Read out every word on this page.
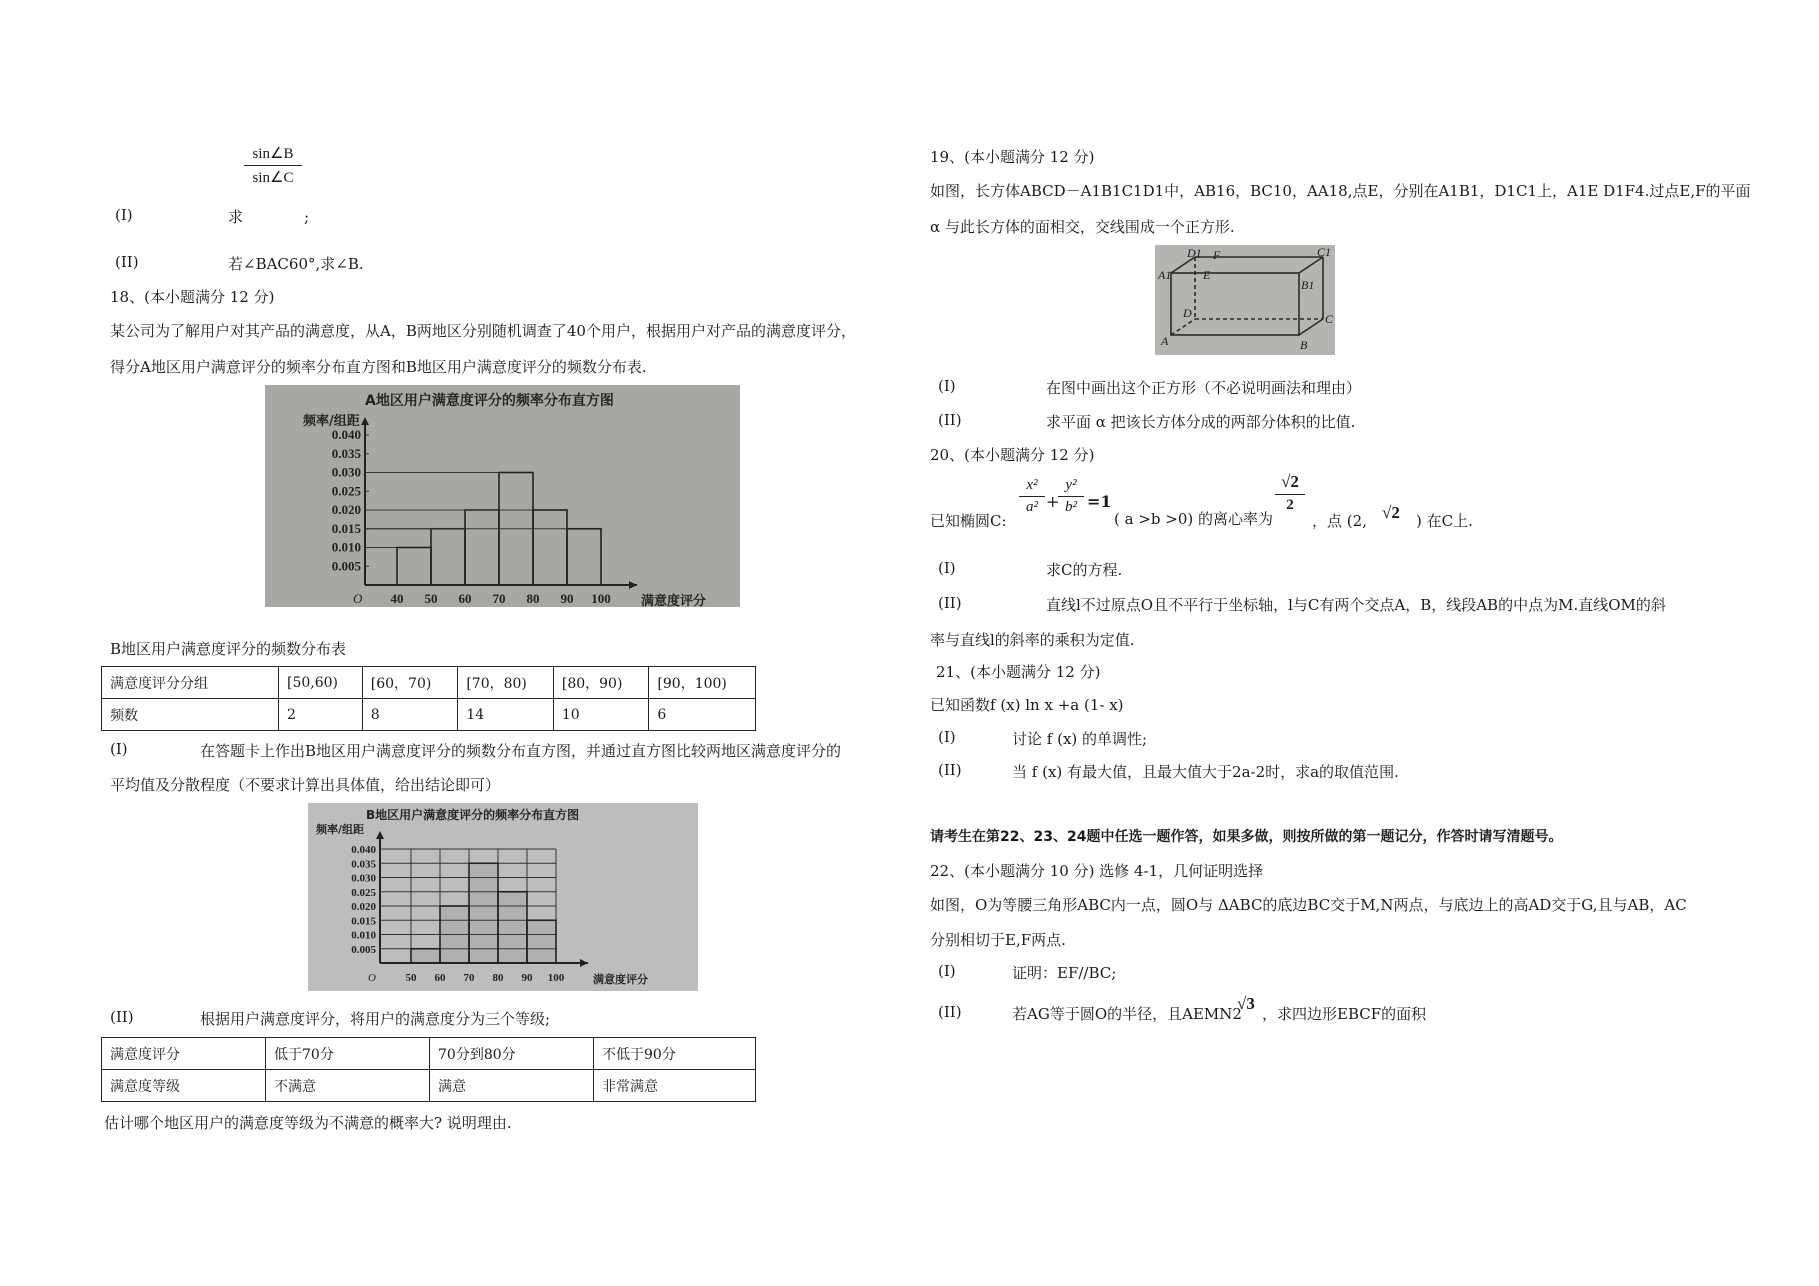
sin∠B
sin∠C
(I)	求	;
(II)	若∠BAC60°,求∠B.
18、(本小题满分 12 分)
某公司为了解用户对其产品的满意度，从A，B两地区分别随机调查了40个用户，根据用户对产品的满意度评分，
得分A地区用户满意评分的频率分布直方图和B地区用户满意度评分的频数分布表.
A地区用户满意度评分的频率分布直方图
频率/组距
O
0.040
0.035
0.030
0.025
0.020
0.015
0.010
0.005
40 50 60 70 80 90 100 满意度评分
B地区用户满意度评分的频数分布表
满意度评分分组	[50,60)	[60，70)	[70，80)	[80，90)	[90，100)
频数	2	8	14	10	6
(I)	在答题卡上作出B地区用户满意度评分的频数分布直方图，并通过直方图比较两地区满意度评分的
平均值及分散程度（不要求计算出具体值，给出结论即可）
B地区用户满意度评分的频率分布直方图
频率/组距
O
0.040
0.035
0.030
0.025
0.020
0.015
0.010
0.005
50 60 70 80 90 100	满意度评分
(II)	根据用户满意度评分，将用户的满意度分为三个等级;
满意度评分	低于70分	70分到80分	不低于90分
满意度等级	不满意	满意	非常满意
估计哪个地区用户的满意度等级为不满意的概率大? 说明理由.
19、(本小题满分 12 分)
如图，长方体ABCD－A1B1C1D1中，AB16，BC10，AA18,点E，分别在A1B1，D1C1上，A1E D1F4.过点E,F的平面
α 与此长方体的面相交，交线围成一个正方形.
D1 F	C1
A1	E
B1
D	C
A	B
(I)	在图中画出这个正方形（不必说明画法和理由）
(II)	求平面 α 把该长方体分成的两部分体积的比值.
20、(本小题满分 12 分)
已知椭圆C:
x²
a² +
y²
b² =1
( a >b >0) 的离心率为
√2
2
，点 (2, √2 ) 在C上.
(I)	求C的方程.
(II)	直线l不过原点O且不平行于坐标轴，l与C有两个交点A，B，线段AB的中点为M.直线OM的斜
率与直线l的斜率的乘积为定值.
21、(本小题满分 12 分)
已知函数f (x) ln x +a (1- x)
(I)	讨论 f (x) 的单调性;
(II)	当 f (x) 有最大值，且最大值大于2a-2时，求a的取值范围.
请考生在第22、23、24题中任选一题作答，如果多做，则按所做的第一题记分，作答时请写清题号。
22、(本小题满分 10 分) 选修 4-1，几何证明选择
如图，O为等腰三角形ABC内一点，圆O与 ΔABC的底边BC交于M,N两点，与底边上的高AD交于G,且与AB，AC
分别相切于E,F两点.
(I)	证明：EF//BC;
(II)	若AG等于圆O的半径，且AEMN2
√3
，求四边形EBCF的面积
